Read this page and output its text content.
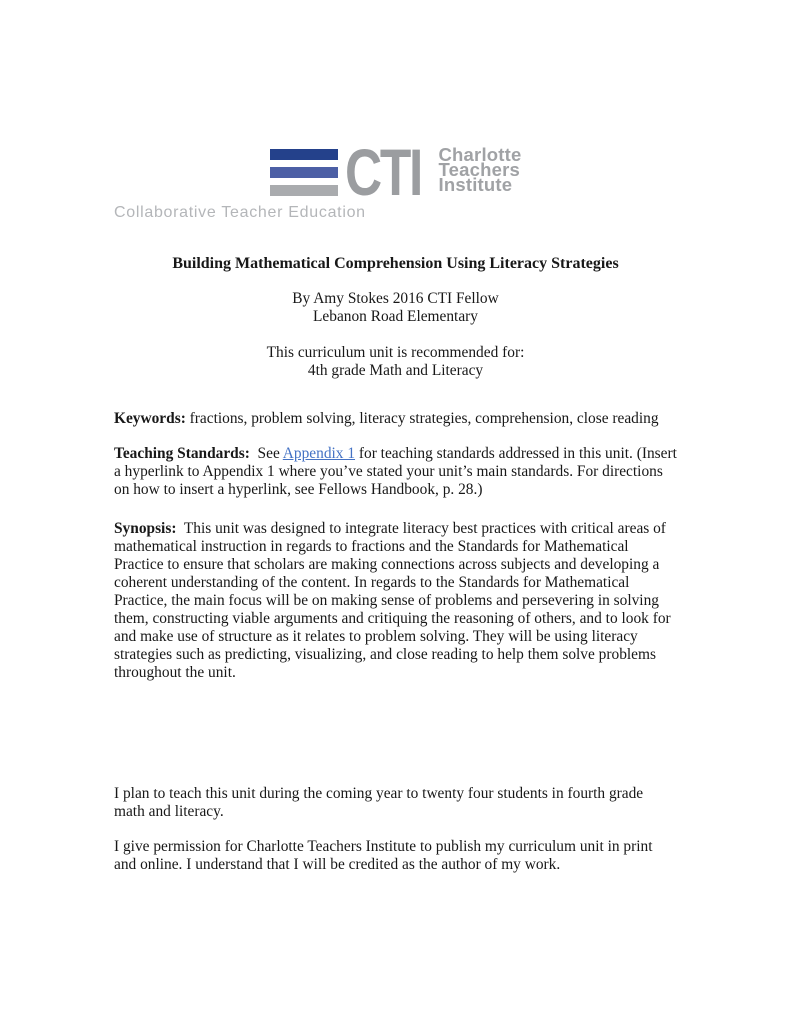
CTI Charlotte
Teachers
Institute
Collaborative Teacher Education
Building Mathematical Comprehension Using Literacy Strategies
By Amy Stokes 2016 CTI Fellow
Lebanon Road Elementary
This curriculum unit is recommended for:
4th grade Math and Literacy

Keywords: fractions, problem solving, literacy strategies, comprehension, close reading

Teaching Standards:  See Appendix 1 for teaching standards addressed in this unit. (Insert a hyperlink to Appendix 1 where you’ve stated your unit’s main standards. For directions on how to insert a hyperlink, see Fellows Handbook, p. 28.)

Synopsis:  This unit was designed to integrate literacy best practices with critical areas of mathematical instruction in regards to fractions and the Standards for Mathematical Practice to ensure that scholars are making connections across subjects and developing a coherent understanding of the content. In regards to the Standards for Mathematical Practice, the main focus will be on making sense of problems and persevering in solving them, constructing viable arguments and critiquing the reasoning of others, and to look for and make use of structure as it relates to problem solving. They will be using literacy strategies such as predicting, visualizing, and close reading to help them solve problems throughout the unit.

I plan to teach this unit during the coming year to twenty four students in fourth grade math and literacy.

I give permission for Charlotte Teachers Institute to publish my curriculum unit in print and online. I understand that I will be credited as the author of my work.
